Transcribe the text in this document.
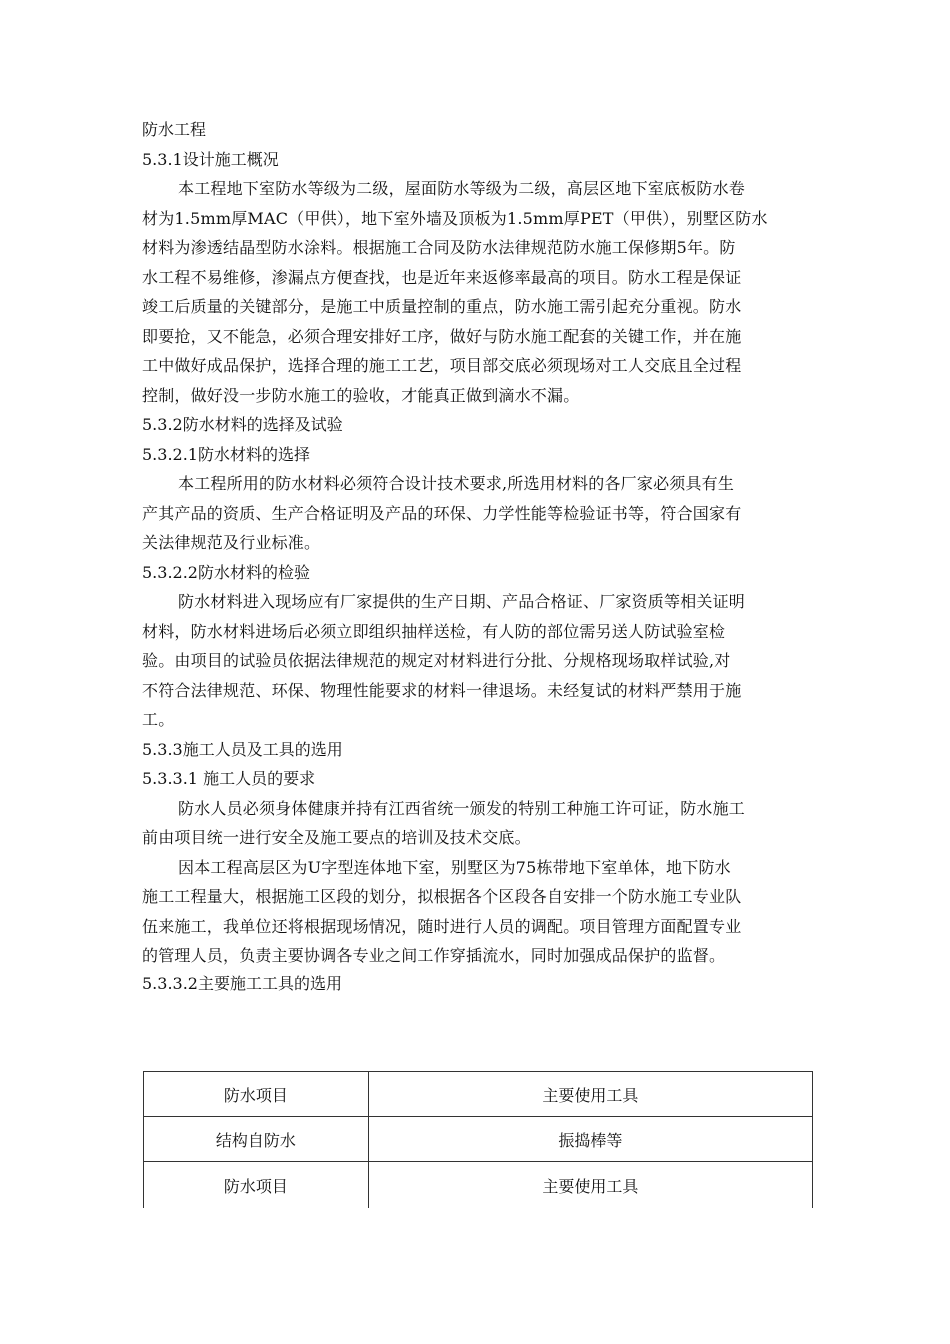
防水工程
5.3.1设计施工概况
本工程地下室防水等级为二级，屋面防水等级为二级，高层区地下室底板防水卷
材为1.5mm厚MAC（甲供），地下室外墙及顶板为1.5mm厚PET（甲供），别墅区防水
材料为渗透结晶型防水涂料。根据施工合同及防水法律规范防水施工保修期5年。防
水工程不易维修，渗漏点方便查找，也是近年来返修率最高的项目。防水工程是保证
竣工后质量的关键部分，是施工中质量控制的重点，防水施工需引起充分重视。防水
即要抢，又不能急，必须合理安排好工序，做好与防水施工配套的关键工作，并在施
工中做好成品保护，选择合理的施工工艺，项目部交底必须现场对工人交底且全过程
控制，做好没一步防水施工的验收，才能真正做到滴水不漏。
5.3.2防水材料的选择及试验
5.3.2.1防水材料的选择
本工程所用的防水材料必须符合设计技术要求,所选用材料的各厂家必须具有生
产其产品的资质、生产合格证明及产品的环保、力学性能等检验证书等，符合国家有
关法律规范及行业标准。
5.3.2.2防水材料的检验
防水材料进入现场应有厂家提供的生产日期、产品合格证、厂家资质等相关证明
材料，防水材料进场后必须立即组织抽样送检，有人防的部位需另送人防试验室检
验。由项目的试验员依据法律规范的规定对材料进行分批、分规格现场取样试验,对
不符合法律规范、环保、物理性能要求的材料一律退场。未经复试的材料严禁用于施
工。
5.3.3施工人员及工具的选用
5.3.3.1 施工人员的要求
防水人员必须身体健康并持有江西省统一颁发的特别工种施工许可证，防水施工
前由项目统一进行安全及施工要点的培训及技术交底。
因本工程高层区为U字型连体地下室，别墅区为75栋带地下室单体，地下防水
施工工程量大，根据施工区段的划分，拟根据各个区段各自安排一个防水施工专业队
伍来施工，我单位还将根据现场情况，随时进行人员的调配。项目管理方面配置专业
的管理人员，负责主要协调各专业之间工作穿插流水，同时加强成品保护的监督。
5.3.3.2主要施工工具的选用
防水项目	主要使用工具
结构自防水	振捣棒等
防水项目	主要使用工具
